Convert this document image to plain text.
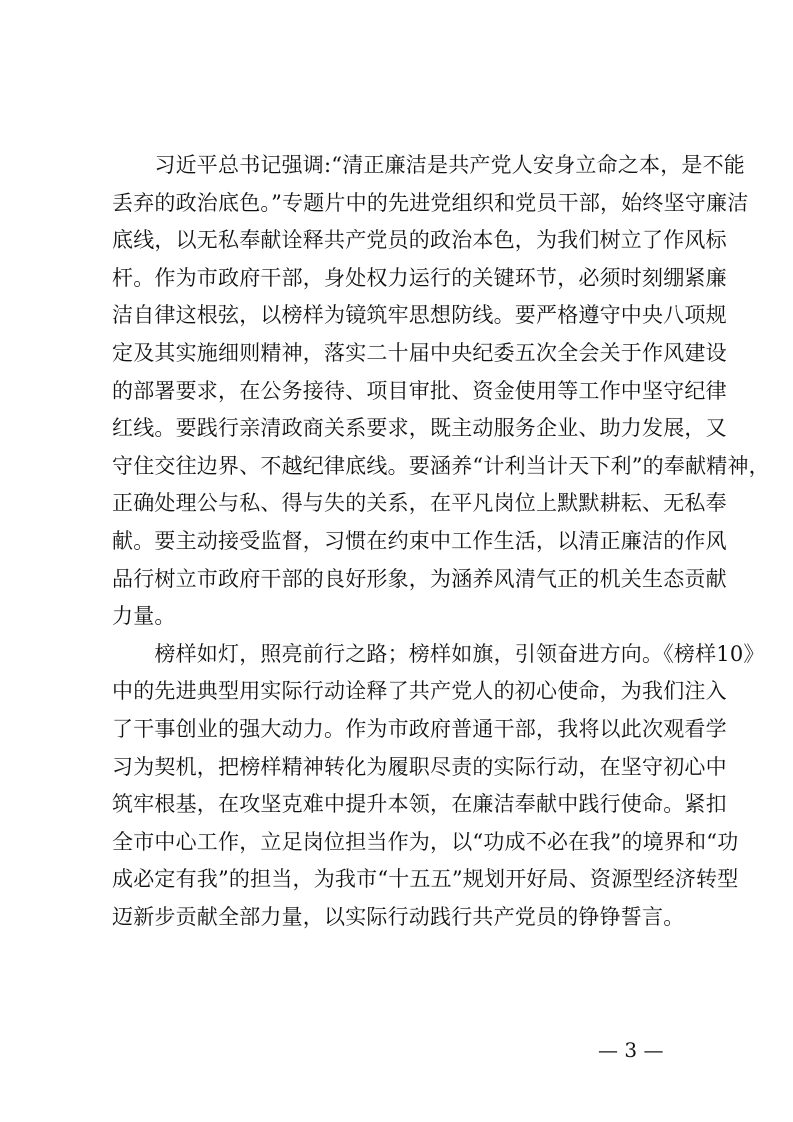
　　习近平总书记强调:“清正廉洁是共产党人安身立命之本，是不能
丢弃的政治底色。”专题片中的先进党组织和党员干部，始终坚守廉洁
底线，以无私奉献诠释共产党员的政治本色，为我们树立了作风标
杆。作为市政府干部，身处权力运行的关键环节，必须时刻绷紧廉
洁自律这根弦，以榜样为镜筑牢思想防线。要严格遵守中央八项规
定及其实施细则精神，落实二十届中央纪委五次全会关于作风建设
的部署要求，在公务接待、项目审批、资金使用等工作中坚守纪律
红线。要践行亲清政商关系要求，既主动服务企业、助力发展，又
守住交往边界、不越纪律底线。要涵养“计利当计天下利”的奉献精神，
正确处理公与私、得与失的关系，在平凡岗位上默默耕耘、无私奉
献。要主动接受监督，习惯在约束中工作生活，以清正廉洁的作风
品行树立市政府干部的良好形象，为涵养风清气正的机关生态贡献
力量。
　　榜样如灯，照亮前行之路；榜样如旗，引领奋进方向。《榜样10》
中的先进典型用实际行动诠释了共产党人的初心使命，为我们注入
了干事创业的强大动力。作为市政府普通干部，我将以此次观看学
习为契机，把榜样精神转化为履职尽责的实际行动，在坚守初心中
筑牢根基，在攻坚克难中提升本领，在廉洁奉献中践行使命。紧扣
全市中心工作，立足岗位担当作为，以“功成不必在我”的境界和“功
成必定有我”的担当，为我市“十五五”规划开好局、资源型经济转型
迈新步贡献全部力量，以实际行动践行共产党员的铮铮誓言。
— 3 —
